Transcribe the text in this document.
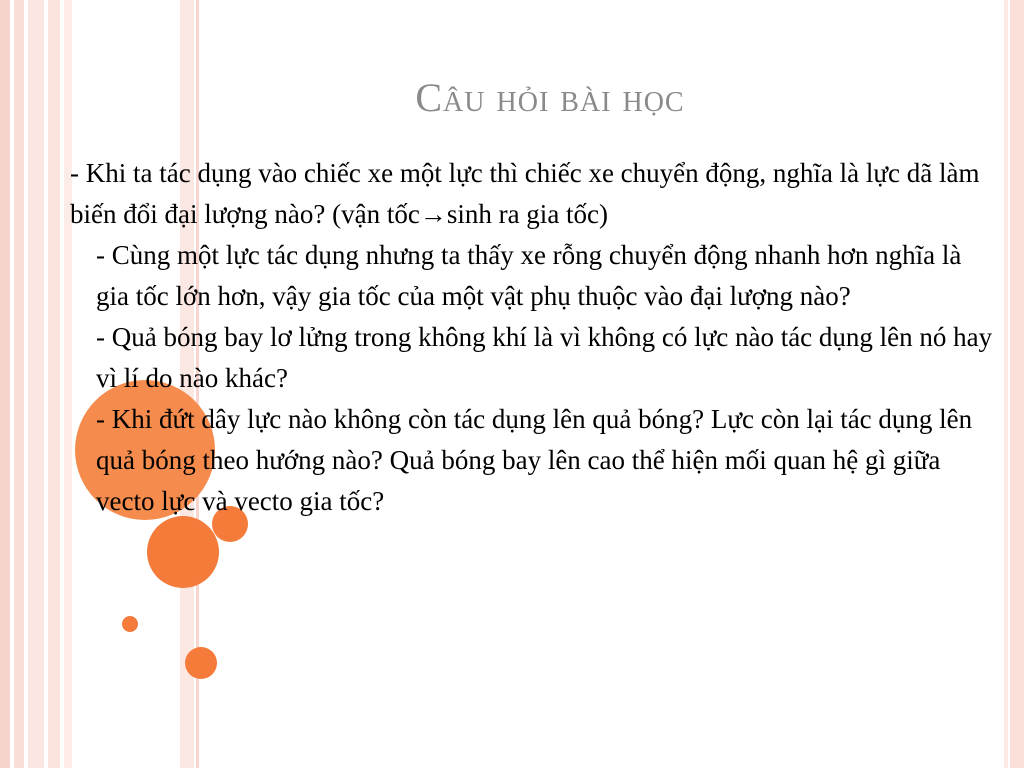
Câu hỏi bài học

- Khi ta tác dụng vào chiếc xe một lực thì chiếc xe chuyển động, nghĩa là lực dã làm biến đổi đại lượng nào? (vận tốc→sinh ra gia tốc)

- Cùng một lực tác dụng nhưng ta thấy xe rỗng chuyển động nhanh hơn nghĩa là gia tốc lớn hơn, vậy gia tốc của một vật phụ thuộc vào đại lượng nào?

- Quả bóng bay lơ lửng trong không khí là vì không có lực nào tác dụng lên nó hay vì lí do nào khác?

- Khi đứt dây lực nào không còn tác dụng lên quả bóng? Lực còn lại tác dụng lên quả bóng theo hướng nào? Quả bóng bay lên cao thể hiện mối quan hệ gì giữa vecto lực và vecto gia tốc?
